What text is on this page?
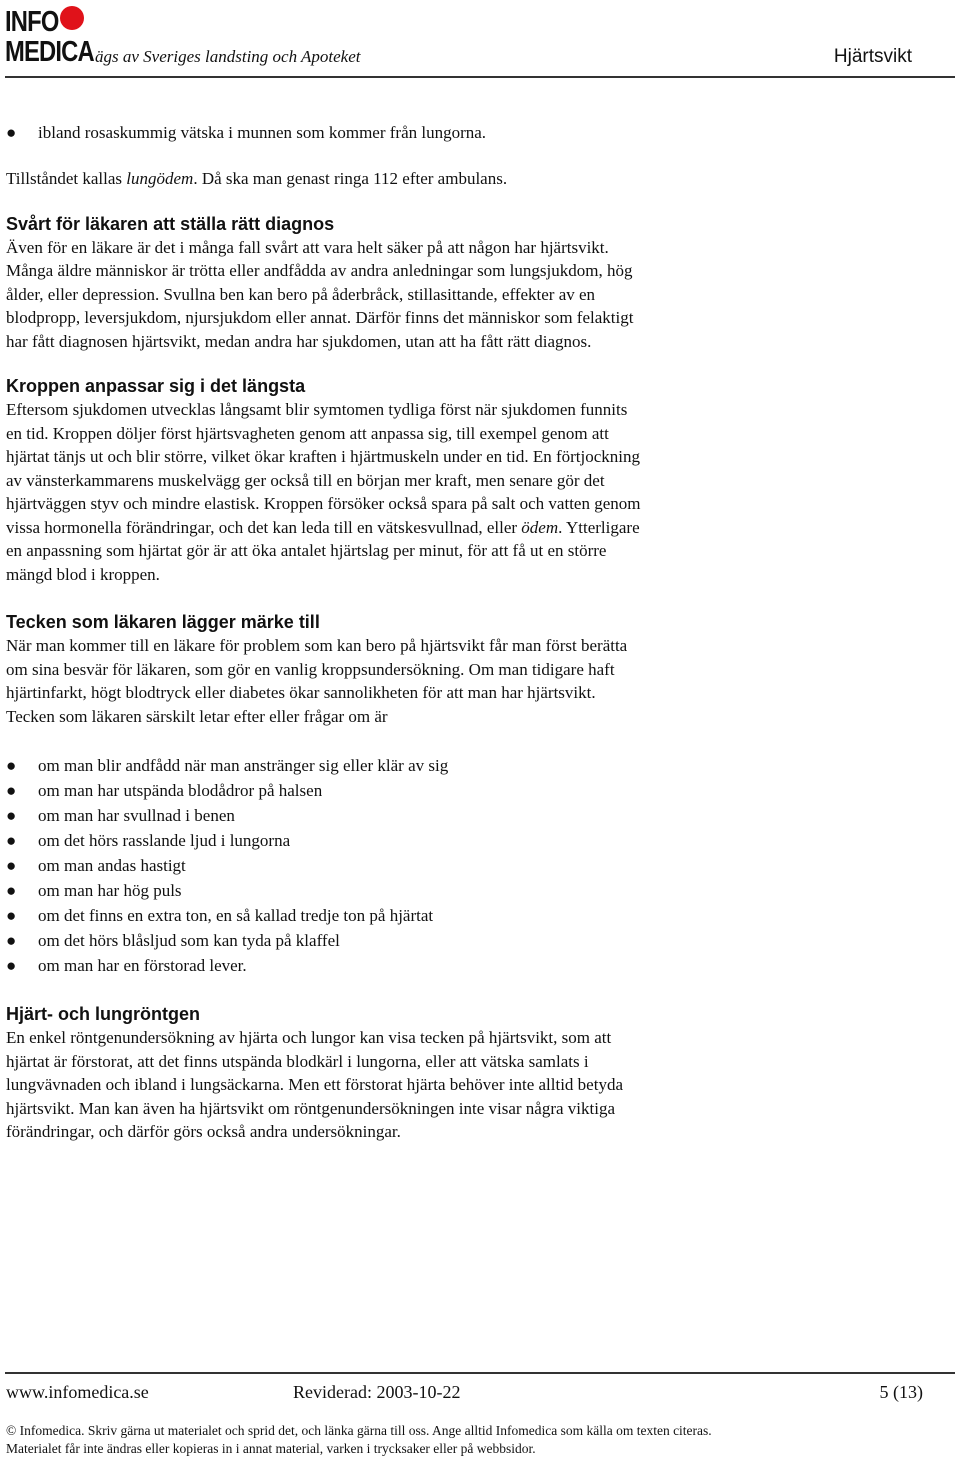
INFO
MEDICA ägs av Sveriges landsting och Apoteket	Hjärtsvikt

● ibland rosaskummig vätska i munnen som kommer från lungorna.

Tillståndet kallas lungödem. Då ska man genast ringa 112 efter ambulans.

Svårt för läkaren att ställa rätt diagnos

Även för en läkare är det i många fall svårt att vara helt säker på att någon har hjärtsvikt. Många äldre människor är trötta eller andfådda av andra anledningar som lungsjukdom, hög ålder, eller depression. Svullna ben kan bero på åderbråck, stillasittande, effekter av en blodpropp, leversjukdom, njursjukdom eller annat. Därför finns det människor som felaktigt har fått diagnosen hjärtsvikt, medan andra har sjukdomen, utan att ha fått rätt diagnos.

Kroppen anpassar sig i det längsta

Eftersom sjukdomen utvecklas långsamt blir symtomen tydliga först när sjukdomen funnits en tid. Kroppen döljer först hjärtsvagheten genom att anpassa sig, till exempel genom att hjärtat tänjs ut och blir större, vilket ökar kraften i hjärtmuskeln under en tid. En förtjockning av vänsterkammarens muskelvägg ger också till en början mer kraft, men senare gör det hjärtväggen styv och mindre elastisk. Kroppen försöker också spara på salt och vatten genom vissa hormonella förändringar, och det kan leda till en vätskesvullnad, eller ödem. Ytterligare en anpassning som hjärtat gör är att öka antalet hjärtslag per minut, för att få ut en större mängd blod i kroppen.

Tecken som läkaren lägger märke till

När man kommer till en läkare för problem som kan bero på hjärtsvikt får man först berätta om sina besvär för läkaren, som gör en vanlig kroppsundersökning. Om man tidigare haft hjärtinfarkt, högt blodtryck eller diabetes ökar sannolikheten för att man har hjärtsvikt. Tecken som läkaren särskilt letar efter eller frågar om är

● om man blir andfådd när man anstränger sig eller klär av sig

● om man har utspända blodådror på halsen

● om man har svullnad i benen

● om det hörs rasslande ljud i lungorna

● om man andas hastigt

● om man har hög puls

● om det finns en extra ton, en så kallad tredje ton på hjärtat

● om det hörs blåsljud som kan tyda på klaffel

● om man har en förstorad lever.

Hjärt- och lungröntgen

En enkel röntgenundersökning av hjärta och lungor kan visa tecken på hjärtsvikt, som att hjärtat är förstorat, att det finns utspända blodkärl i lungorna, eller att vätska samlats i lungvävnaden och ibland i lungsäckarna. Men ett förstorat hjärta behöver inte alltid betyda hjärtsvikt. Man kan även ha hjärtsvikt om röntgenundersökningen inte visar några viktiga förändringar, och därför görs också andra undersökningar.

www.infomedica.se	Reviderad: 2003-10-22	5 (13)
© Infomedica. Skriv gärna ut materialet och sprid det, och länka gärna till oss. Ange alltid Infomedica som källa om texten citeras.
Materialet får inte ändras eller kopieras in i annat material, varken i trycksaker eller på webbsidor.
